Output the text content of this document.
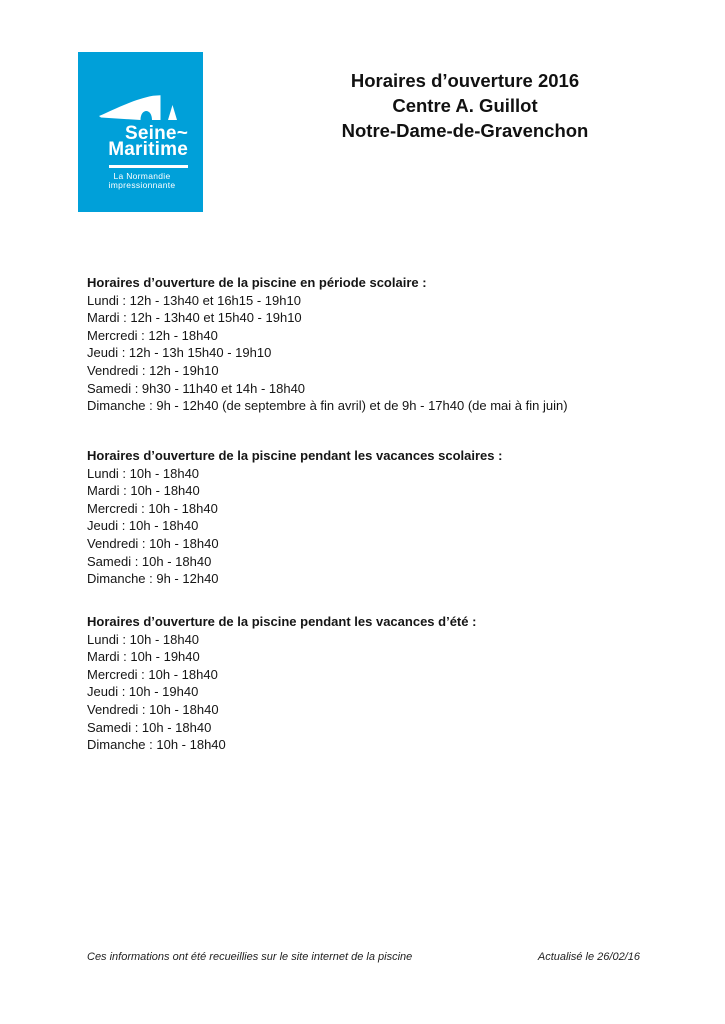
Seine~
Maritime
La Normandie
impressionnante
Horaires d’ouverture 2016
Centre A. Guillot
Notre-Dame-de-Gravenchon
Horaires d’ouverture de la piscine en période scolaire :
Lundi : 12h - 13h40 et 16h15 - 19h10
Mardi : 12h - 13h40 et 15h40 - 19h10
Mercredi : 12h - 18h40
Jeudi : 12h - 13h 15h40 - 19h10
Vendredi : 12h - 19h10
Samedi : 9h30 - 11h40 et 14h - 18h40
Dimanche : 9h - 12h40 (de septembre à fin avril) et de 9h - 17h40 (de mai à fin juin)
Horaires d’ouverture de la piscine pendant les vacances scolaires :
Lundi : 10h - 18h40
Mardi : 10h - 18h40
Mercredi : 10h - 18h40
Jeudi : 10h - 18h40
Vendredi : 10h - 18h40
Samedi : 10h - 18h40
Dimanche : 9h - 12h40
Horaires d’ouverture de la piscine pendant les vacances d’été :
Lundi : 10h - 18h40
Mardi : 10h - 19h40
Mercredi : 10h - 18h40
Jeudi : 10h - 19h40
Vendredi : 10h - 18h40
Samedi : 10h - 18h40
Dimanche : 10h - 18h40
Ces informations ont été recueillies sur le site internet de la piscine	Actualisé le 26/02/16
